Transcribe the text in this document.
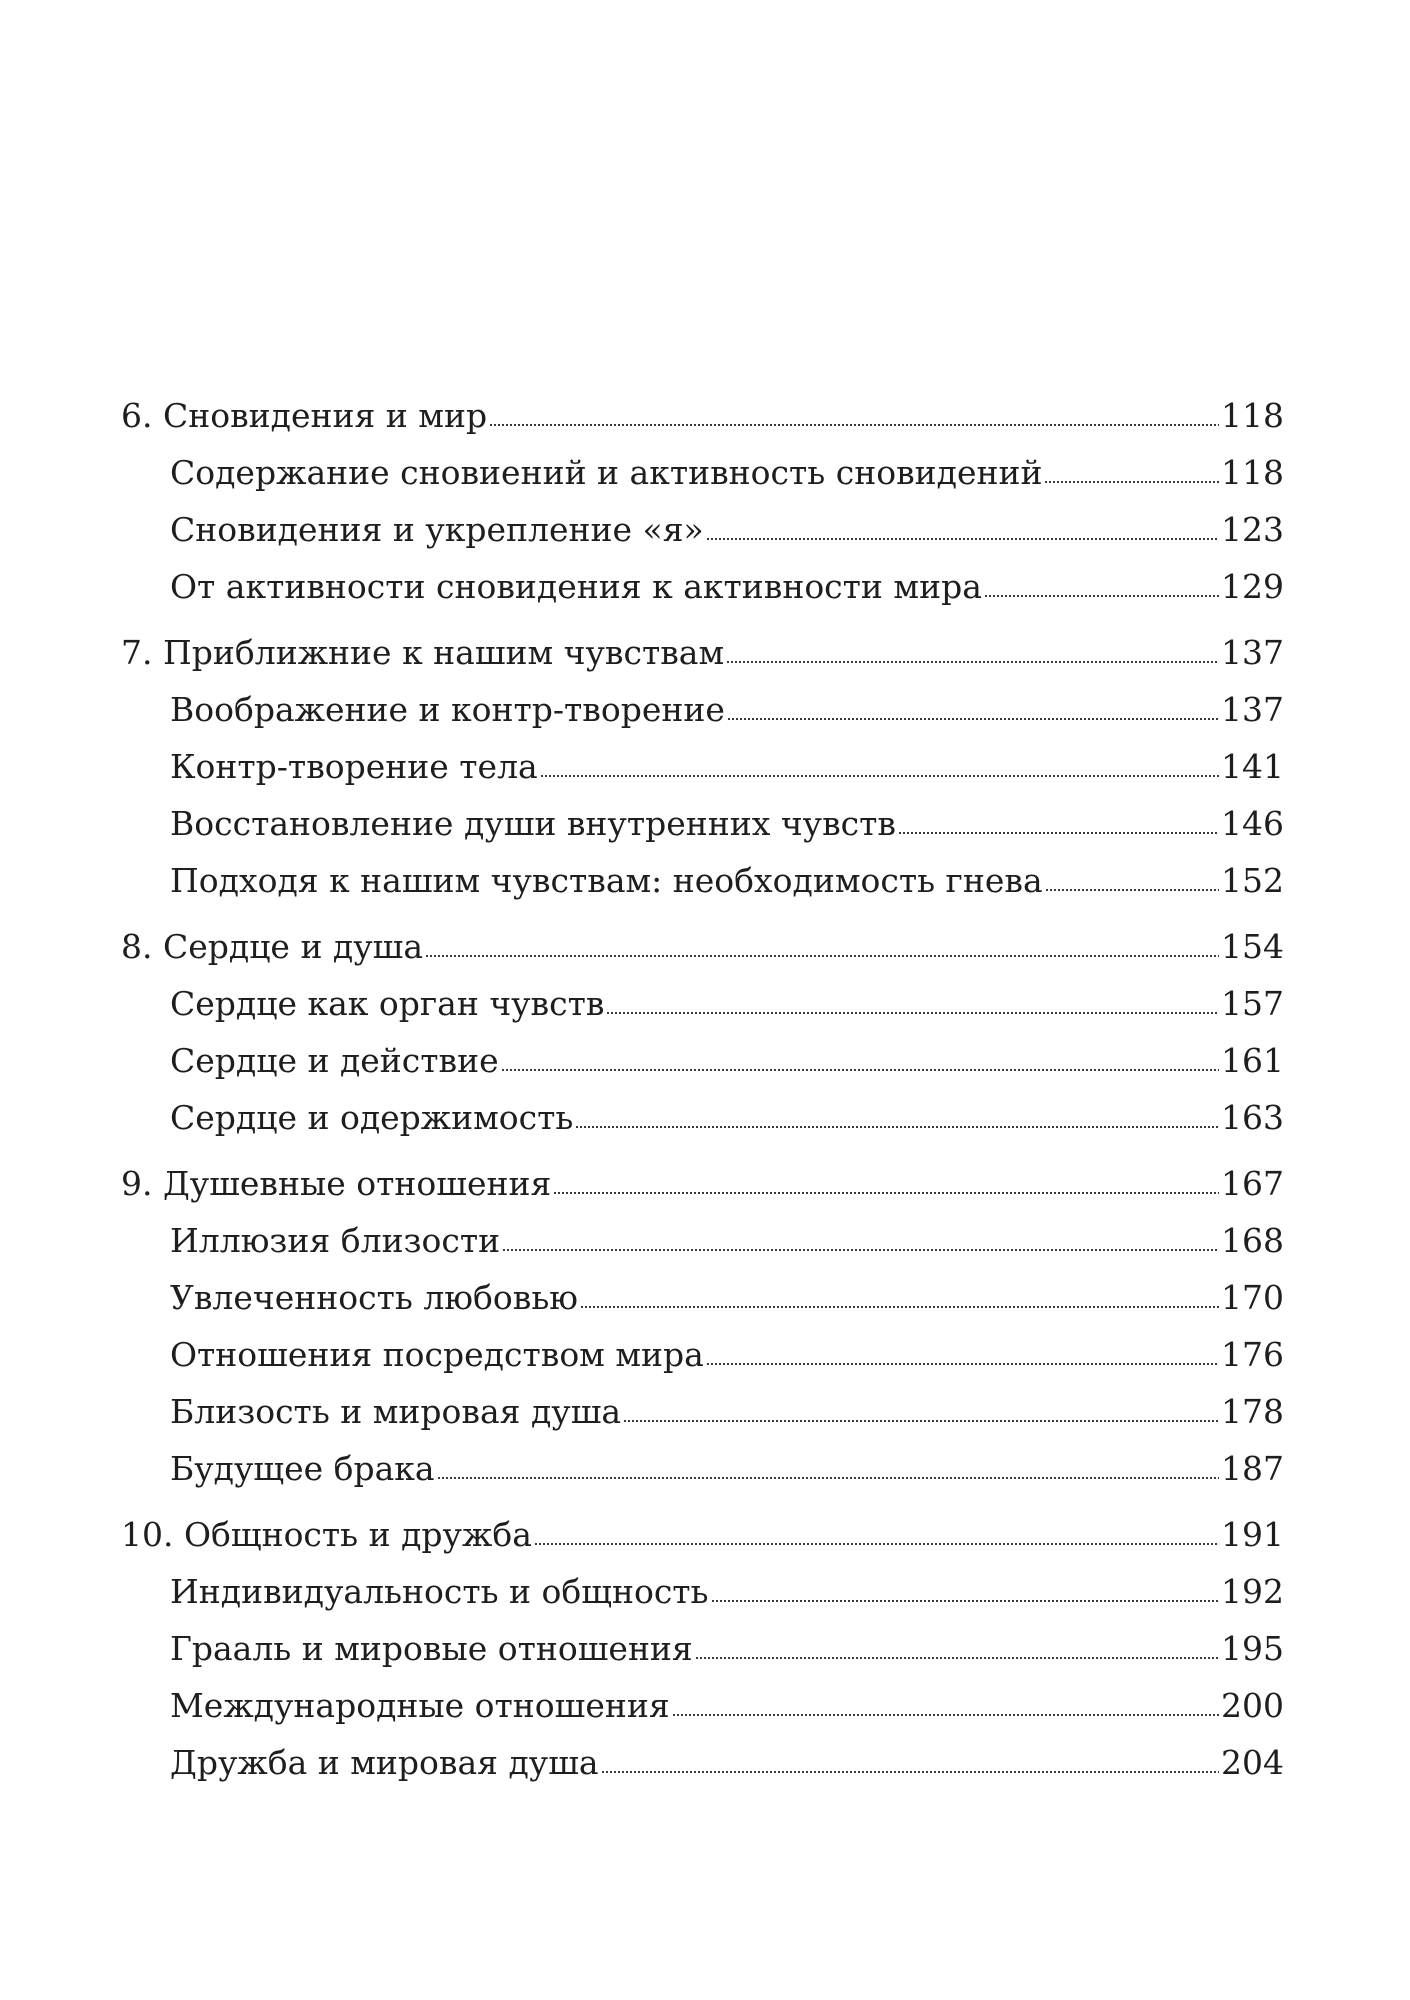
6. Сновидения и мир	118
Содержание сновиений и активность сновидений	118
Сновидения и укрепление «я»	123
От активности сновидения к активности мира	129
7. Приближние к нашим чувствам	137
Воображение и контр-творение	137
Контр-творение тела	141
Восстановление души внутренних чувств	146
Подходя к нашим чувствам: необходимость гнева	152
8. Сердце и душа	154
Сердце как орган чувств	157
Сердце и действие	161
Сердце и одержимость	163
9. Душевные отношения	167
Иллюзия близости	168
Увлеченность любовью	170
Отношения посредством мира	176
Близость и мировая душа	178
Будущее брака	187
10. Общность и дружба	191
Индивидуальность и общность	192
Грааль и мировые отношения	195
Международные отношения	200
Дружба и мировая душа	204
